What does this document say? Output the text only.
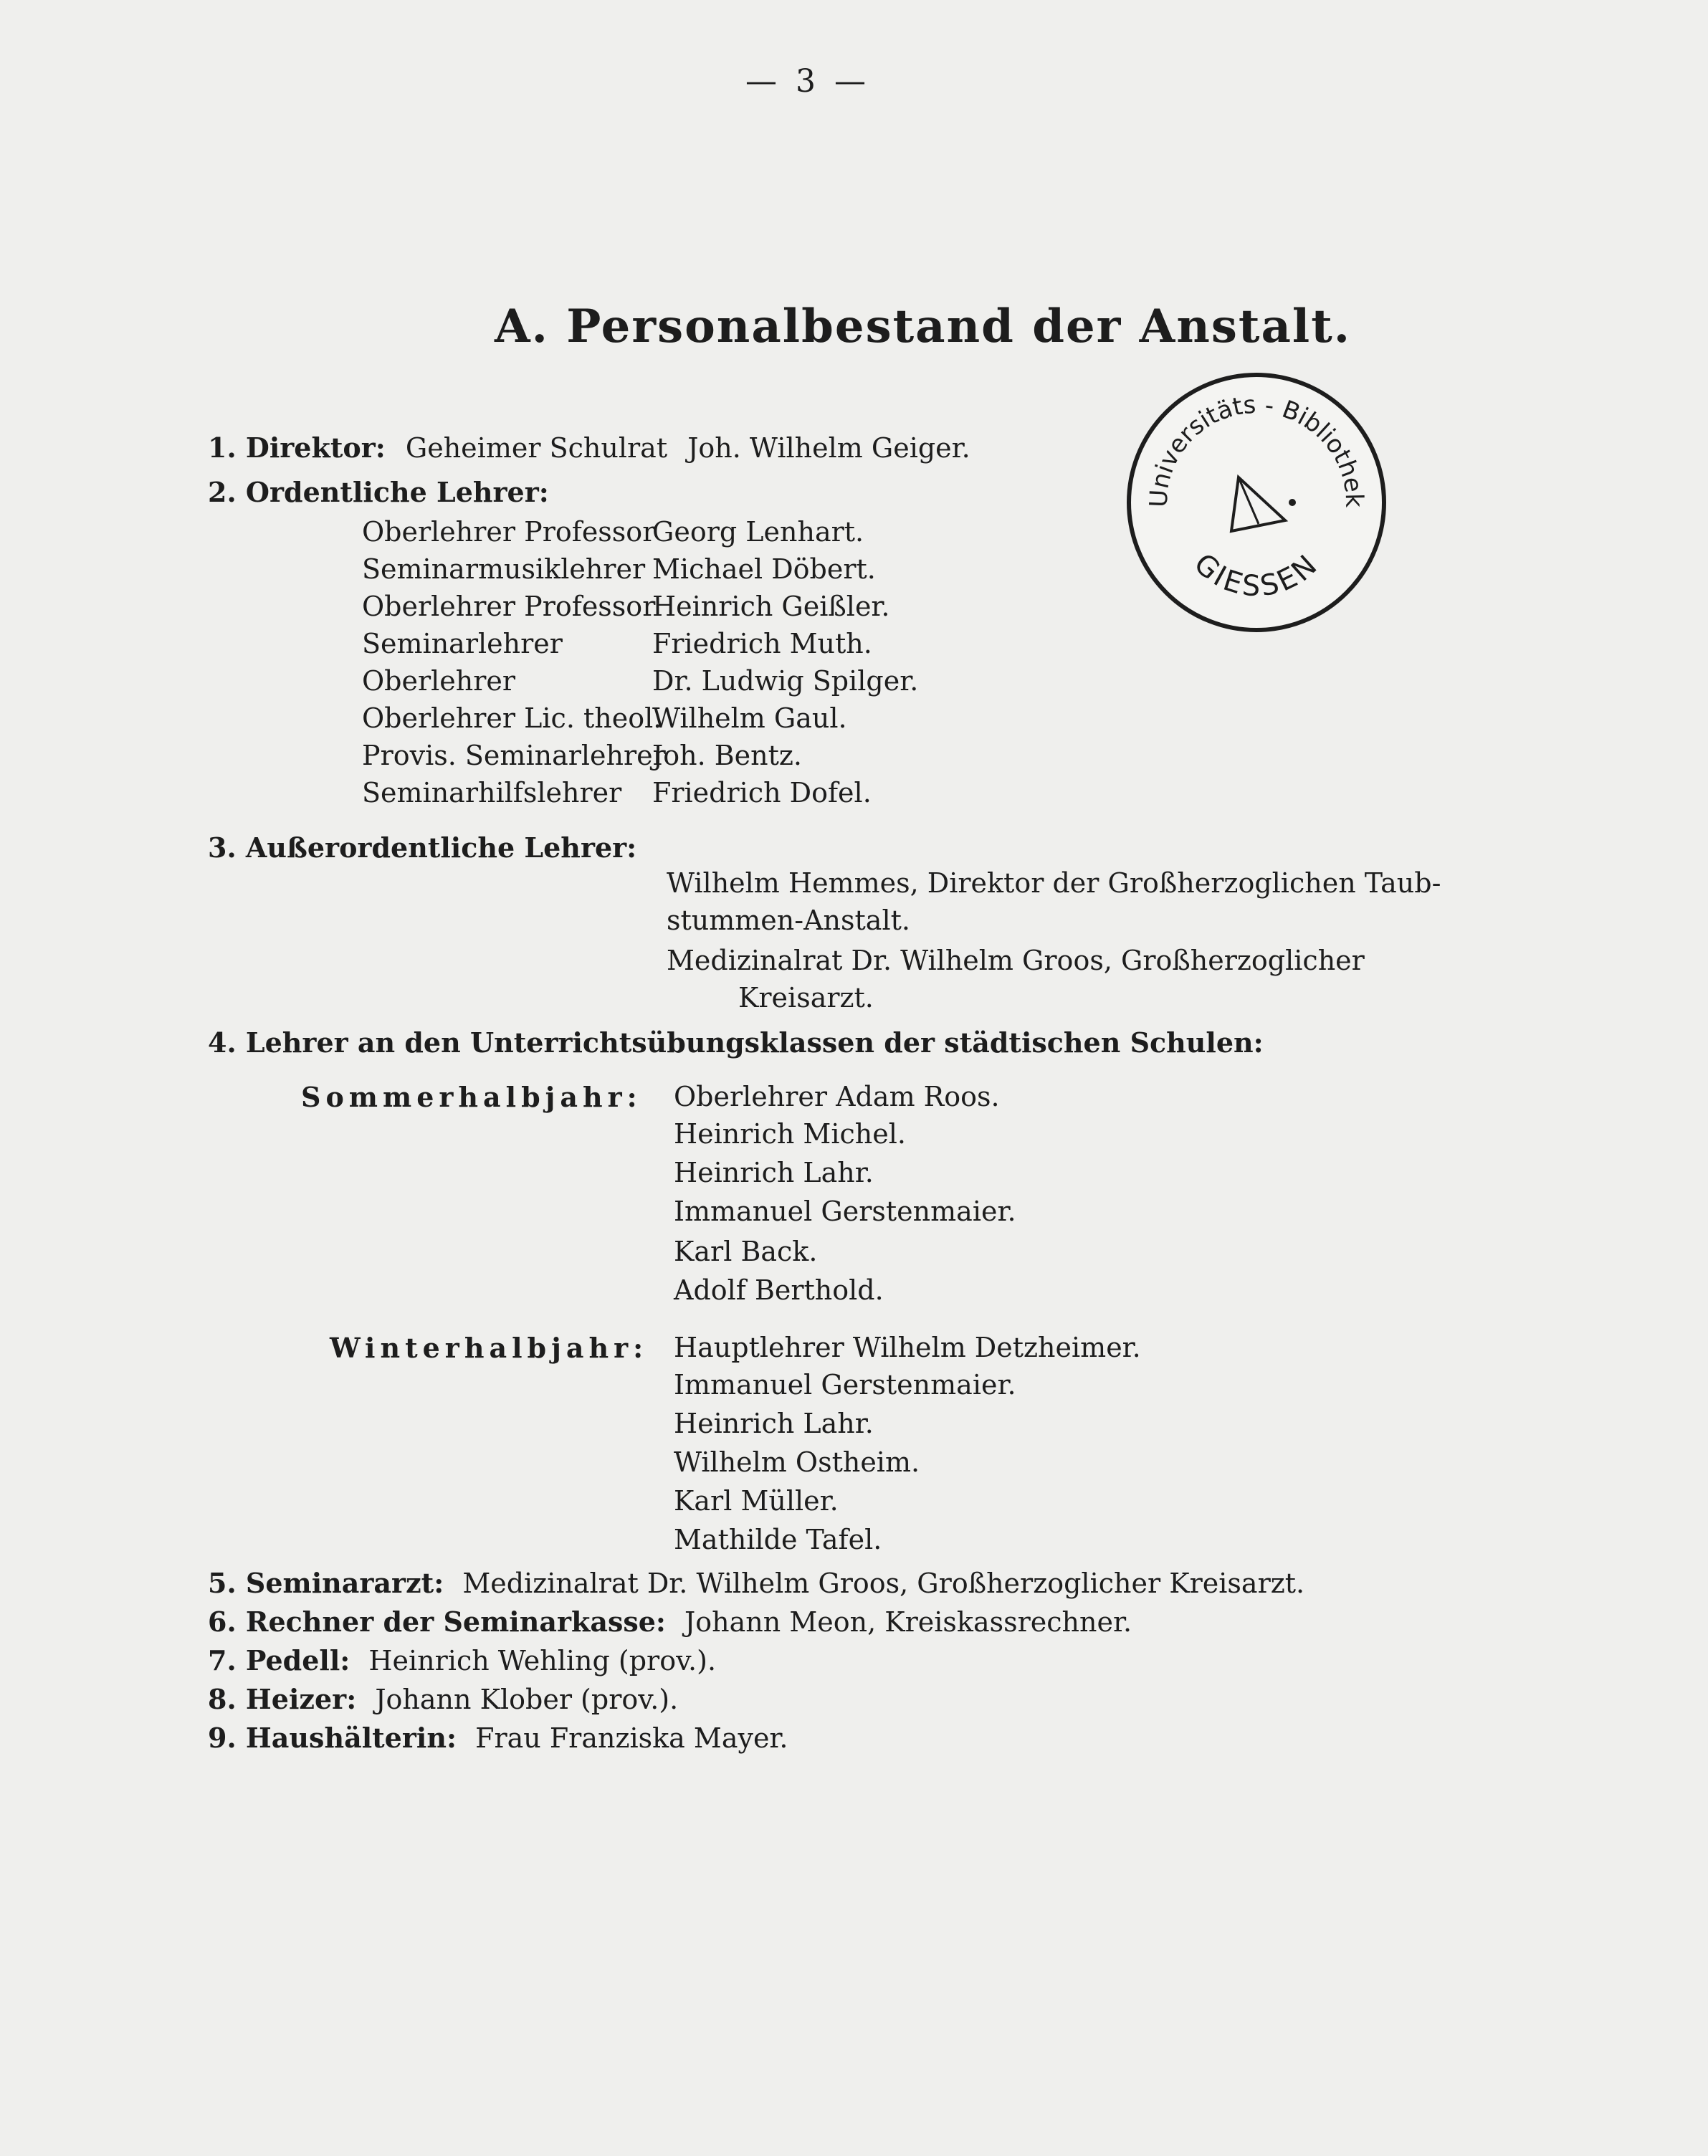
— 3 —
A. Personalbestand der Anstalt.
1. Direktor: Geheimer Schulrat Joh. Wilhelm Geiger.
2. Ordentliche Lehrer:
Oberlehrer Professor
Georg Lenhart.
Seminarmusiklehrer Michael Döbert.
Oberlehrer Professor
Heinrich Geißler.
Seminarlehrer	Friedrich Muth.
Oberlehrer	Dr. Ludwig Spilger.
Oberlehrer Lic. theol.
Wilhelm Gaul.
Provis. Seminarlehrer
Joh. Bentz.
Seminarhilfslehrer Friedrich Dofel.
3. Außerordentliche Lehrer:
Wilhelm Hemmes, Direktor der Großherzoglichen Taub-
stummen-Anstalt.
Medizinalrat Dr. Wilhelm Groos, Großherzoglicher
Kreisarzt.
4. Lehrer an den Unterrichtsübungsklassen der städtischen Schulen:
Sommerhalbjahr: Oberlehrer Adam Roos.
Heinrich Michel.
Heinrich Lahr.
Immanuel Gerstenmaier.
Karl Back.
Adolf Berthold.
Winterhalbjahr: Hauptlehrer Wilhelm Detzheimer.
Immanuel Gerstenmaier.
Heinrich Lahr.
Wilhelm Ostheim.
Karl Müller.
Mathilde Tafel.
5. Seminararzt: Medizinalrat Dr. Wilhelm Groos, Großherzoglicher Kreisarzt.
6. Rechner der Seminarkasse: Johann Meon, Kreiskassrechner.
7. Pedell: Heinrich Wehling (prov.).
8. Heizer: Johann Klober (prov.).
9. Haushälterin: Frau Franziska Mayer.
Universitäts - Bibliothek
GIESSEN
